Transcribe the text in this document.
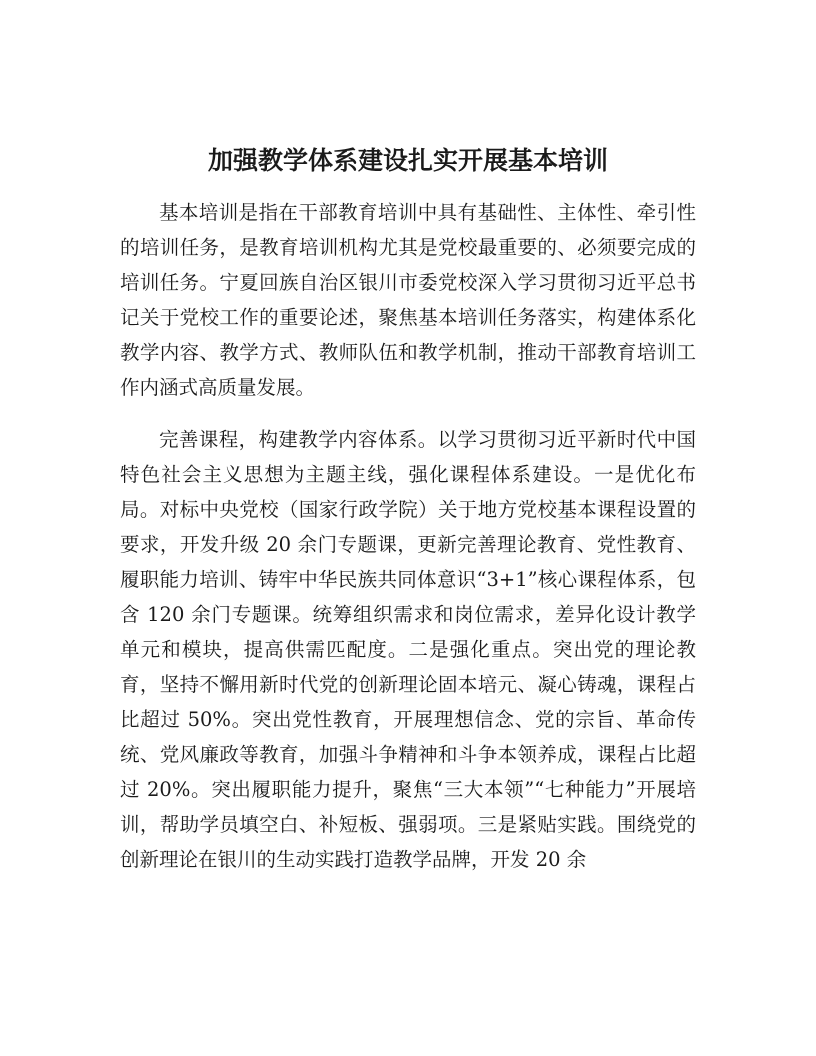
加强教学体系建设扎实开展基本培训

基本培训是指在干部教育培训中具有基础性、主体性、牵引性的培训任务，是教育培训机构尤其是党校最重要的、必须要完成的培训任务。宁夏回族自治区银川市委党校深入学习贯彻习近平总书记关于党校工作的重要论述，聚焦基本培训任务落实，构建体系化教学内容、教学方式、教师队伍和教学机制，推动干部教育培训工作内涵式高质量发展。

完善课程，构建教学内容体系。以学习贯彻习近平新时代中国特色社会主义思想为主题主线，强化课程体系建设。一是优化布局。对标中央党校（国家行政学院）关于地方党校基本课程设置的要求，开发升级 20 余门专题课，更新完善理论教育、党性教育、履职能力培训、铸牢中华民族共同体意识“3+1”核心课程体系，包含 120 余门专题课。统筹组织需求和岗位需求，差异化设计教学单元和模块，提高供需匹配度。二是强化重点。突出党的理论教育，坚持不懈用新时代党的创新理论固本培元、凝心铸魂，课程占比超过 50%。突出党性教育，开展理想信念、党的宗旨、革命传统、党风廉政等教育，加强斗争精神和斗争本领养成，课程占比超过 20%。突出履职能力提升，聚焦“三大本领”“七种能力”开展培训，帮助学员填空白、补短板、强弱项。三是紧贴实践。围绕党的创新理论在银川的生动实践打造教学品牌，开发 20 余
